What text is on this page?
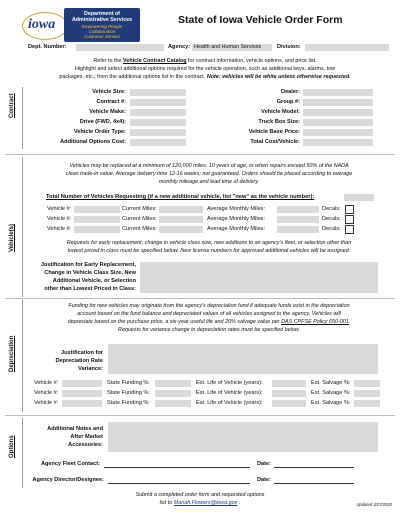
iowa
Department of
Administrative Services
Empowering People
Collaboration
Customer Service
State of Iowa Vehicle Order Form
Dept. Number:	Agency: Health and Human Services	Division:
Refer to the Vehicle Contract Catalog for contract information, vehicle options, and price list.
Highlight and select additional options required for the vehicle operation, such as additional keys, alarms, tow
packages, etc., from the additional options list in the contract. Note: vehicles will be white unless otherwise requested.
Contract
Vehicle Size:
Contract #:
Vehicle Make:
Drive (FWD, 4x4):
Vehicle Order Type:
Additional Options Cost:
Dealer:
Group #:
Vehicle Model:
Truck Box Size:
Vehicle Base Price:
Total Cost/Vehicle:
Vehicle(s)
Vehicles may be replaced at a minimum of 120,000 miles, 10 years of age, or when repairs exceed 50% of the NADA
clean trade-in value. Average delivery time 12-16 weeks; not guaranteed. Orders should be placed according to average
monthly mileage and lead time of delivery.
Total Number of Vehicles Requesting (if a new additional vehicle, list "new" as the vehicle number):
Vehicle #:	Current Miles:	Average Monthly Miles:	Decals:
Vehicle #:	Current Miles:	Average Monthly Miles:	Decals:
Vehicle #:	Current Miles:	Average Monthly Miles:	Decals:
Requests for early replacement, change in vehicle class size, new additions to an agency's fleet, or selection other than
lowest priced in class must be specified below. New license numbers for approved additional vehicles will be assigned.
Justification for Early Replacement,
Change in Vehicle Class Size, New
Additional Vehicle, or Selection
other than Lowest Priced in Class:
Depreciation
Funding for new vehicles may originate from the agency's depreciation fund if adequate funds exist in the depreciation
account based on the fund balance and depreciated values of all vehicles assigned to the agency. Vehicles will
depreciate based on the purchase price, a six-year useful life and 20% salvage value per DAS CPFSE Policy 650-001.
Requests for variance change in depreciation rates must be specified below.
Justification for
Depreciation Rate
Variance:
Vehicle #:	State Funding %:	Est. Life of Vehicle (years):	Est. Salvage %:
Vehicle #:	State Funding %:	Est. Life of Vehicle (years):	Est. Salvage %:
Vehicle #:	State Funding %:	Est. Life of Vehicle (years):	Est. Salvage %:
Options
Additional Notes and
After Market
Accessories:
Agency Fleet Contact:	Date:
Agency Director/Designee:	Date:
Submit a completed order form and requested options
list to Mariah.Flowers@iowa.gov .	Updated 3/27/2020
